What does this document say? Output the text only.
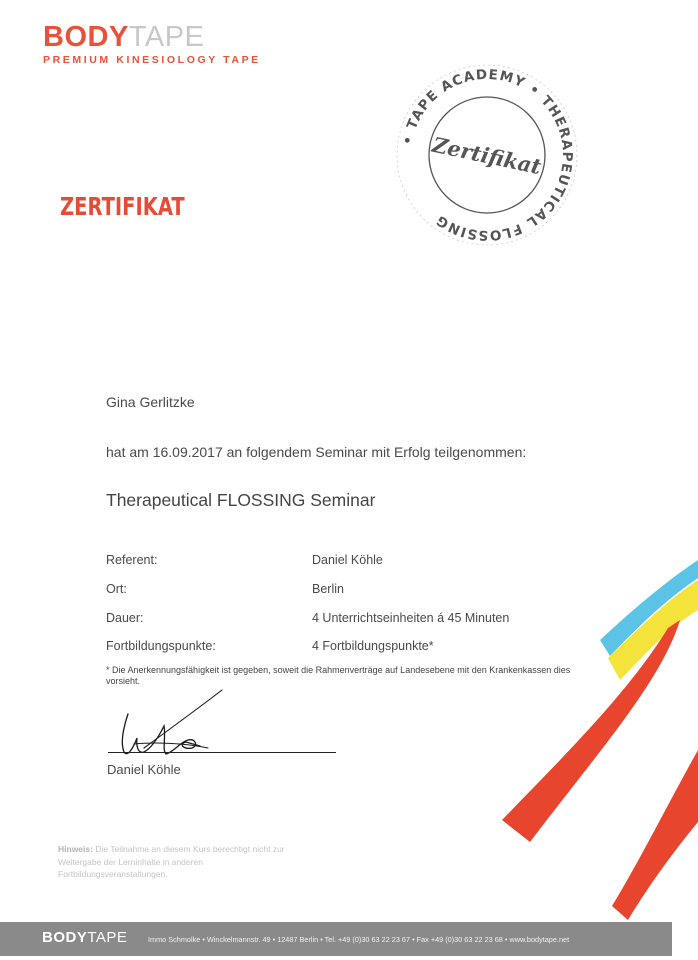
BODYTAPE
PREMIUM KINESIOLOGY TAPE
ZERTIFIKAT
• TAPE ACADEMY • THERAPEUTICAL FLOSSING
Zertifikat
Gina Gerlitzke
hat am 16.09.2017 an folgendem Seminar mit Erfolg teilgenommen:
Therapeutical FLOSSING Seminar
Referent:	Daniel Köhle
Ort:	Berlin
Dauer:	4 Unterrichtseinheiten á 45 Minuten
Fortbildungspunkte:	4 Fortbildungspunkte*
* Die Anerkennungsfähigkeit ist gegeben, soweit die Rahmenverträge auf Landesebene mit den Krankenkassen dies vorsieht.
Daniel Köhle
Hinweis: Die Teilnahme an diesem Kurs berechtigt nicht zur Weitergabe der Lerninhalte in anderen Fortbildungsveranstaltungen.
BODYTAPE	Immo Schmolke • Winckelmannstr. 49 • 12487 Berlin • Tel. +49 (0)30 63 22 23 67 • Fax +49 (0)30 63 22 23 68 • www.bodytape.net
